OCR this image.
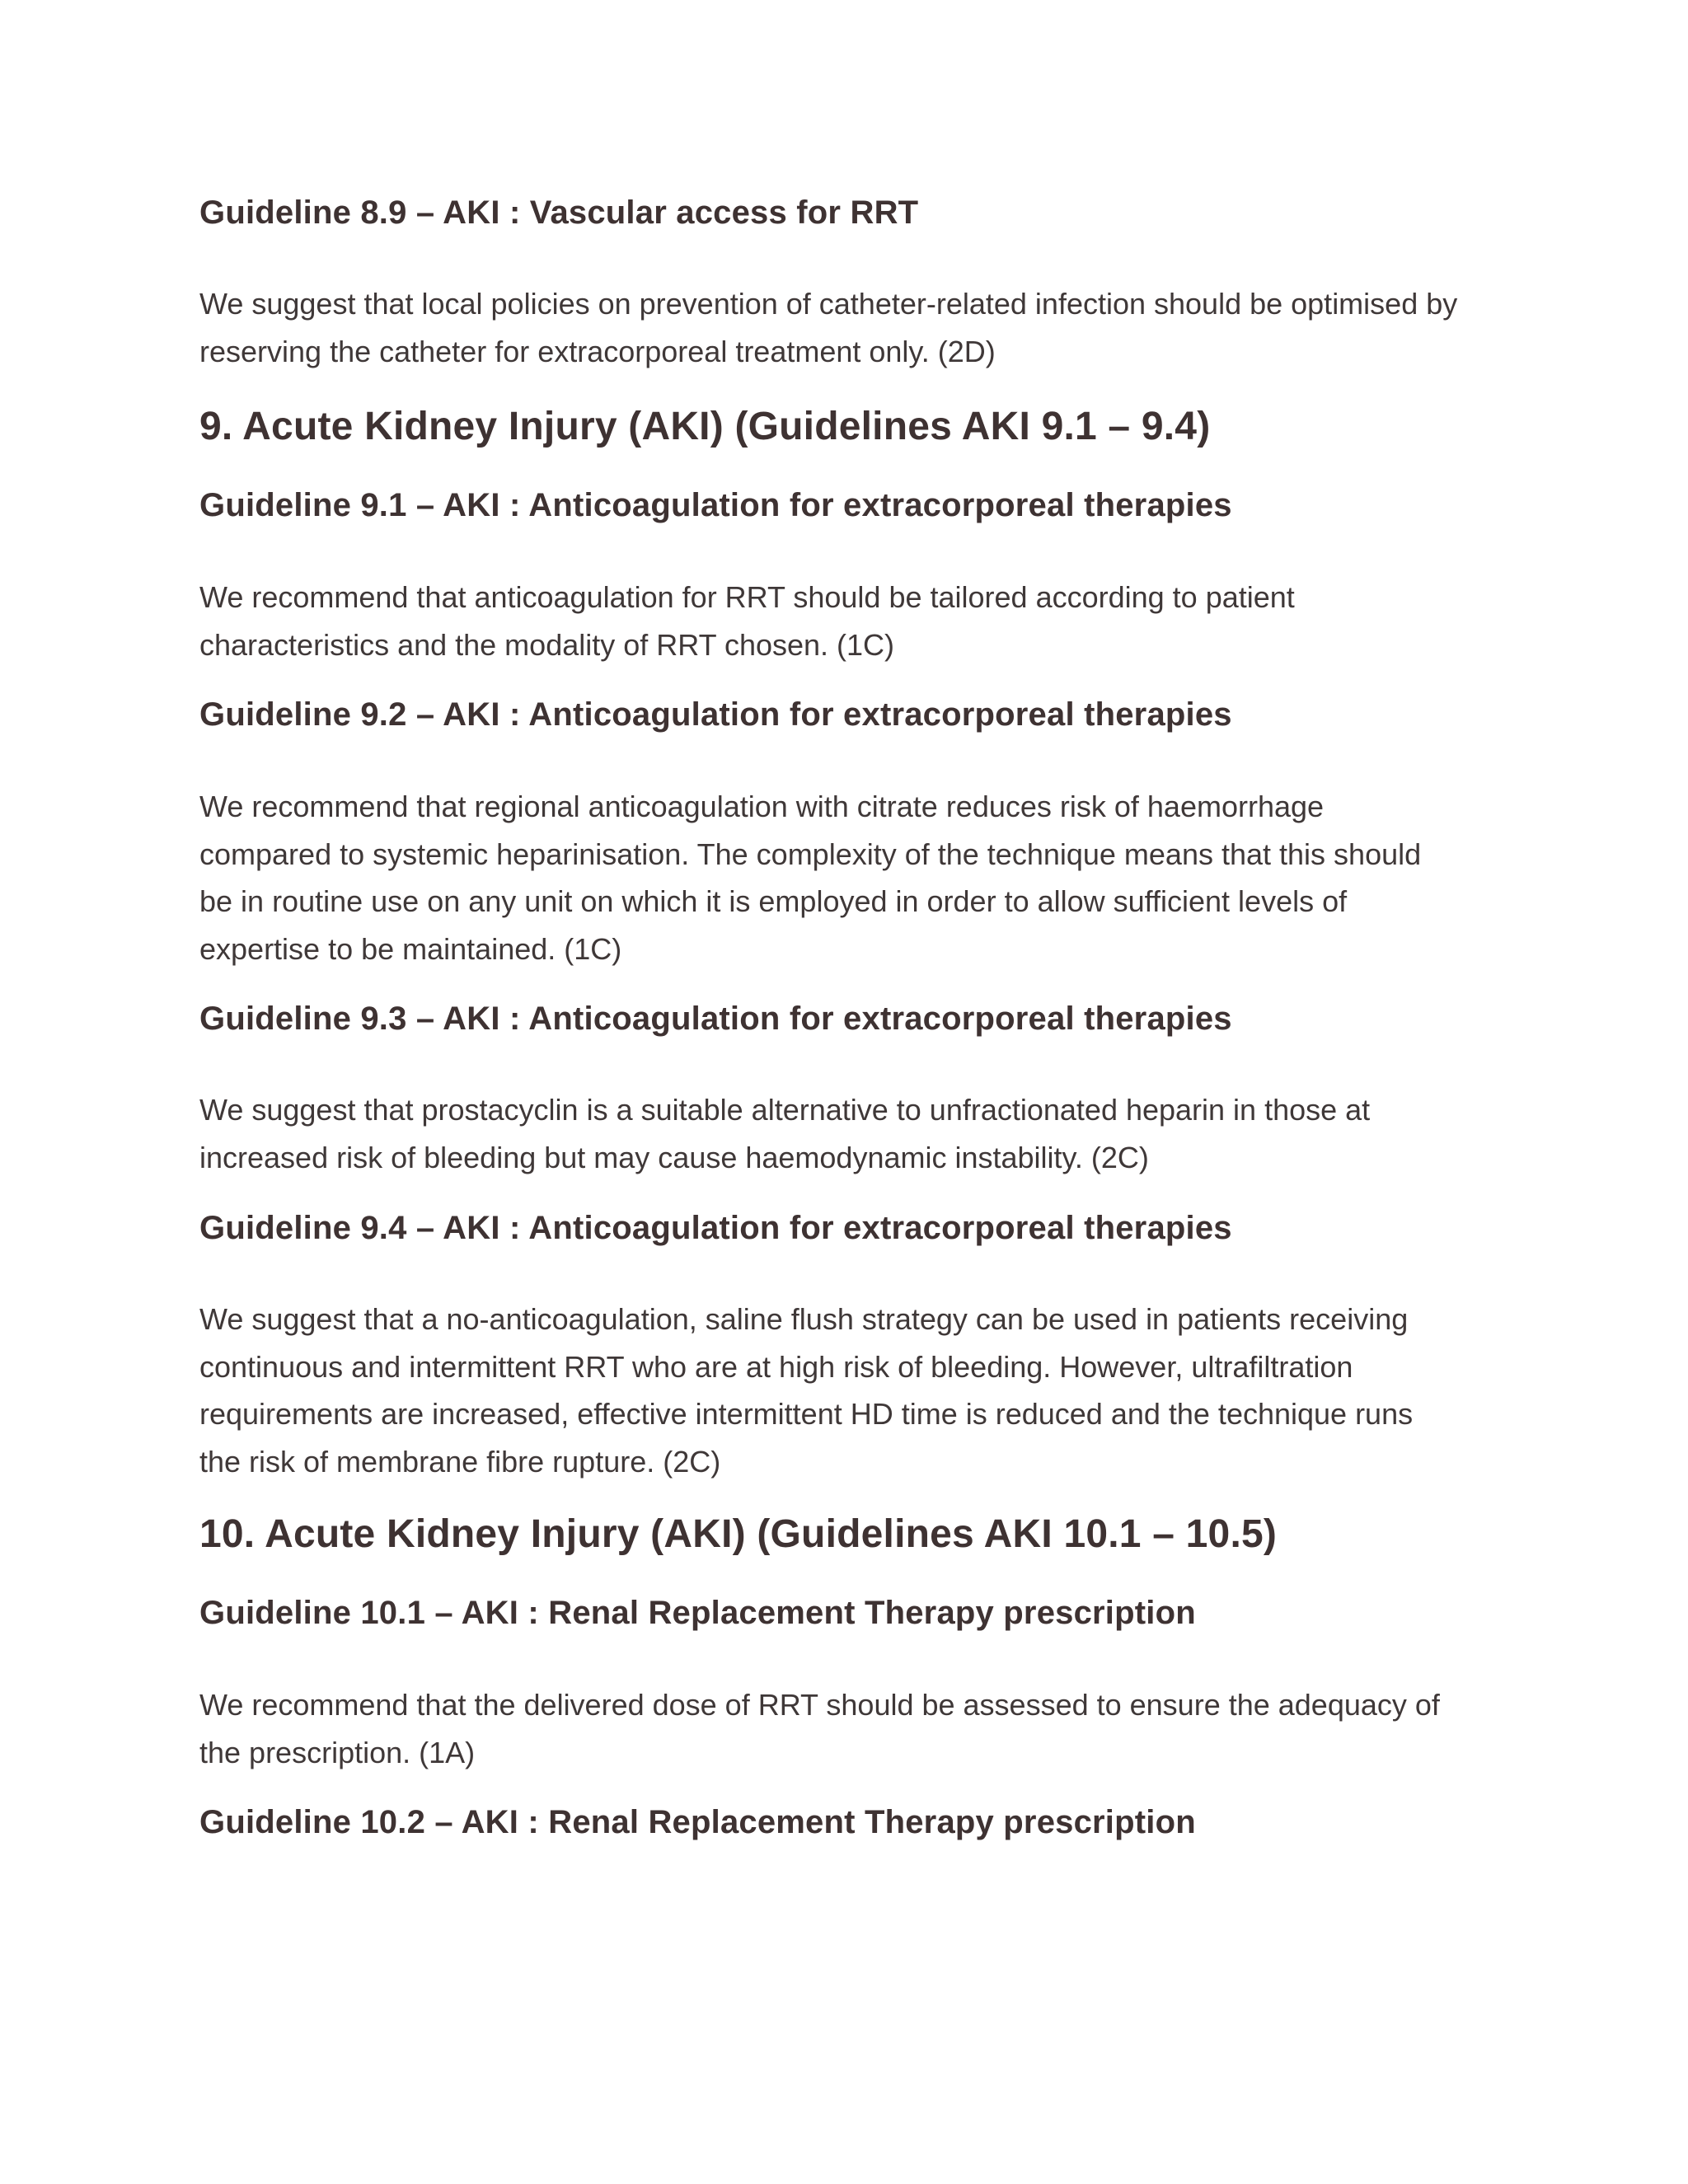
Guideline 8.9 – AKI : Vascular access for RRT
We suggest that local policies on prevention of catheter-related infection should be optimised by
reserving the catheter for extracorporeal treatment only. (2D)
9. Acute Kidney Injury (AKI) (Guidelines AKI 9.1 – 9.4)
Guideline 9.1 – AKI : Anticoagulation for extracorporeal therapies
We recommend that anticoagulation for RRT should be tailored according to patient
characteristics and the modality of RRT chosen. (1C)
Guideline 9.2 – AKI : Anticoagulation for extracorporeal therapies
We recommend that regional anticoagulation with citrate reduces risk of haemorrhage
compared to systemic heparinisation. The complexity of the technique means that this should
be in routine use on any unit on which it is employed in order to allow sufficient levels of
expertise to be maintained. (1C)
Guideline 9.3 – AKI : Anticoagulation for extracorporeal therapies
We suggest that prostacyclin is a suitable alternative to unfractionated heparin in those at
increased risk of bleeding but may cause haemodynamic instability. (2C)
Guideline 9.4 – AKI : Anticoagulation for extracorporeal therapies
We suggest that a no-anticoagulation, saline flush strategy can be used in patients receiving
continuous and intermittent RRT who are at high risk of bleeding. However, ultrafiltration
requirements are increased, effective intermittent HD time is reduced and the technique runs
the risk of membrane fibre rupture. (2C)
10. Acute Kidney Injury (AKI) (Guidelines AKI 10.1 – 10.5)
Guideline 10.1 – AKI : Renal Replacement Therapy prescription
We recommend that the delivered dose of RRT should be assessed to ensure the adequacy of
the prescription. (1A)
Guideline 10.2 – AKI : Renal Replacement Therapy prescription
